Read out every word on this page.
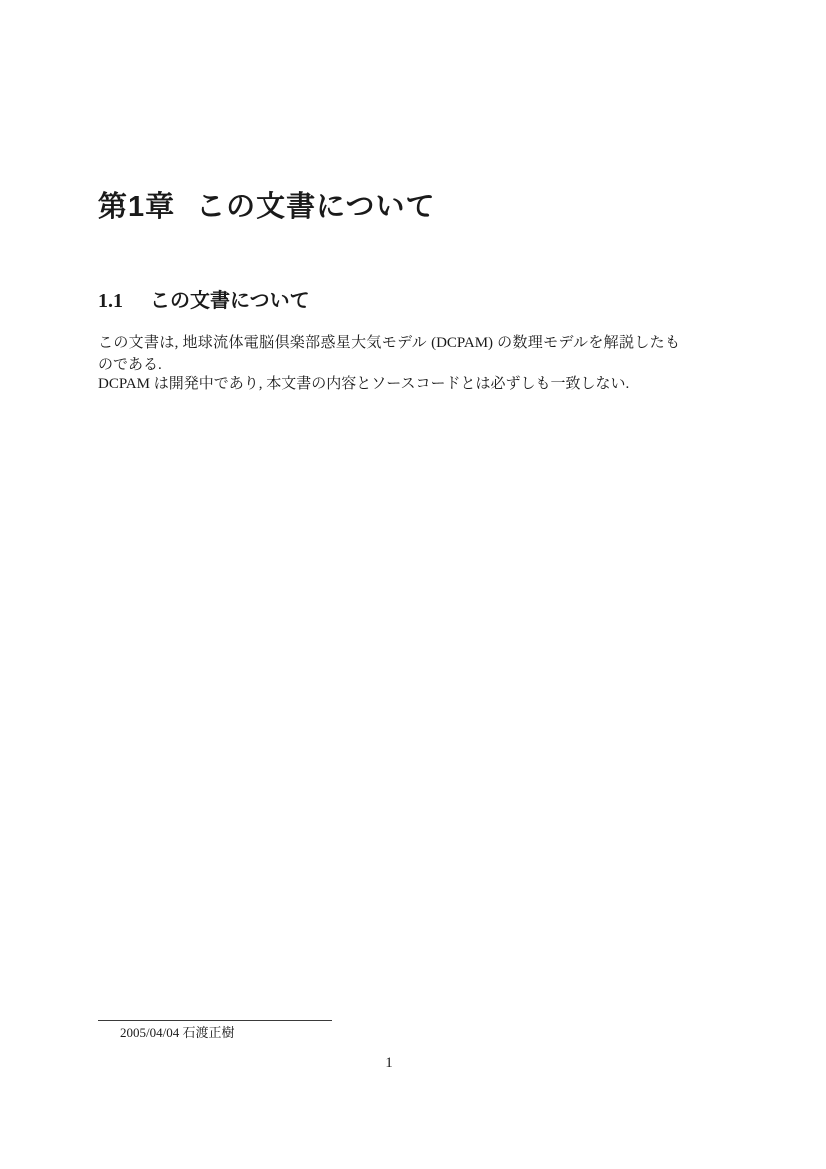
第1章 この文書について
1.1 この文書について

この文書は, 地球流体電脳倶楽部惑星大気モデル (DCPAM) の数理モデルを解説したものである.

DCPAM は開発中であり, 本文書の内容とソースコードとは必ずしも一致しない.

2005/04/04 石渡正樹
1
